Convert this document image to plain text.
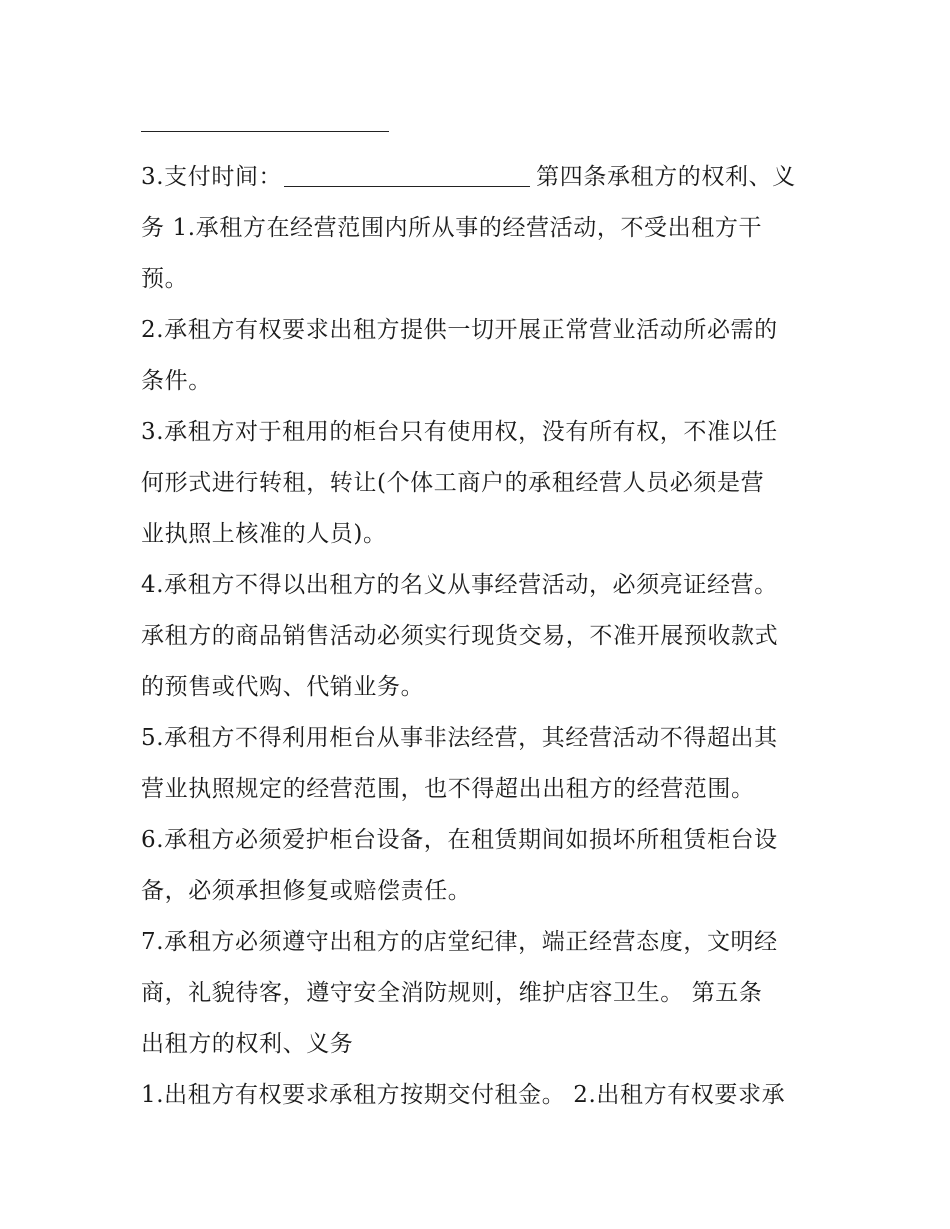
3.支付时间：	第四条承租方的权利、义
务 1.承租方在经营范围内所从事的经营活动，不受出租方干
预。
2.承租方有权要求出租方提供一切开展正常营业活动所必需的
条件。
3.承租方对于租用的柜台只有使用权，没有所有权，不准以任
何形式进行转租，转让(个体工商户的承租经营人员必须是营
业执照上核准的人员)。
4.承租方不得以出租方的名义从事经营活动，必须亮证经营。
承租方的商品销售活动必须实行现货交易，不准开展预收款式
的预售或代购、代销业务。
5.承租方不得利用柜台从事非法经营，其经营活动不得超出其
营业执照规定的经营范围，也不得超出出租方的经营范围。
6.承租方必须爱护柜台设备，在租赁期间如损坏所租赁柜台设
备，必须承担修复或赔偿责任。
7.承租方必须遵守出租方的店堂纪律，端正经营态度，文明经
商，礼貌待客，遵守安全消防规则，维护店容卫生。 第五条
出租方的权利、义务
1.出租方有权要求承租方按期交付租金。 2.出租方有权要求承
